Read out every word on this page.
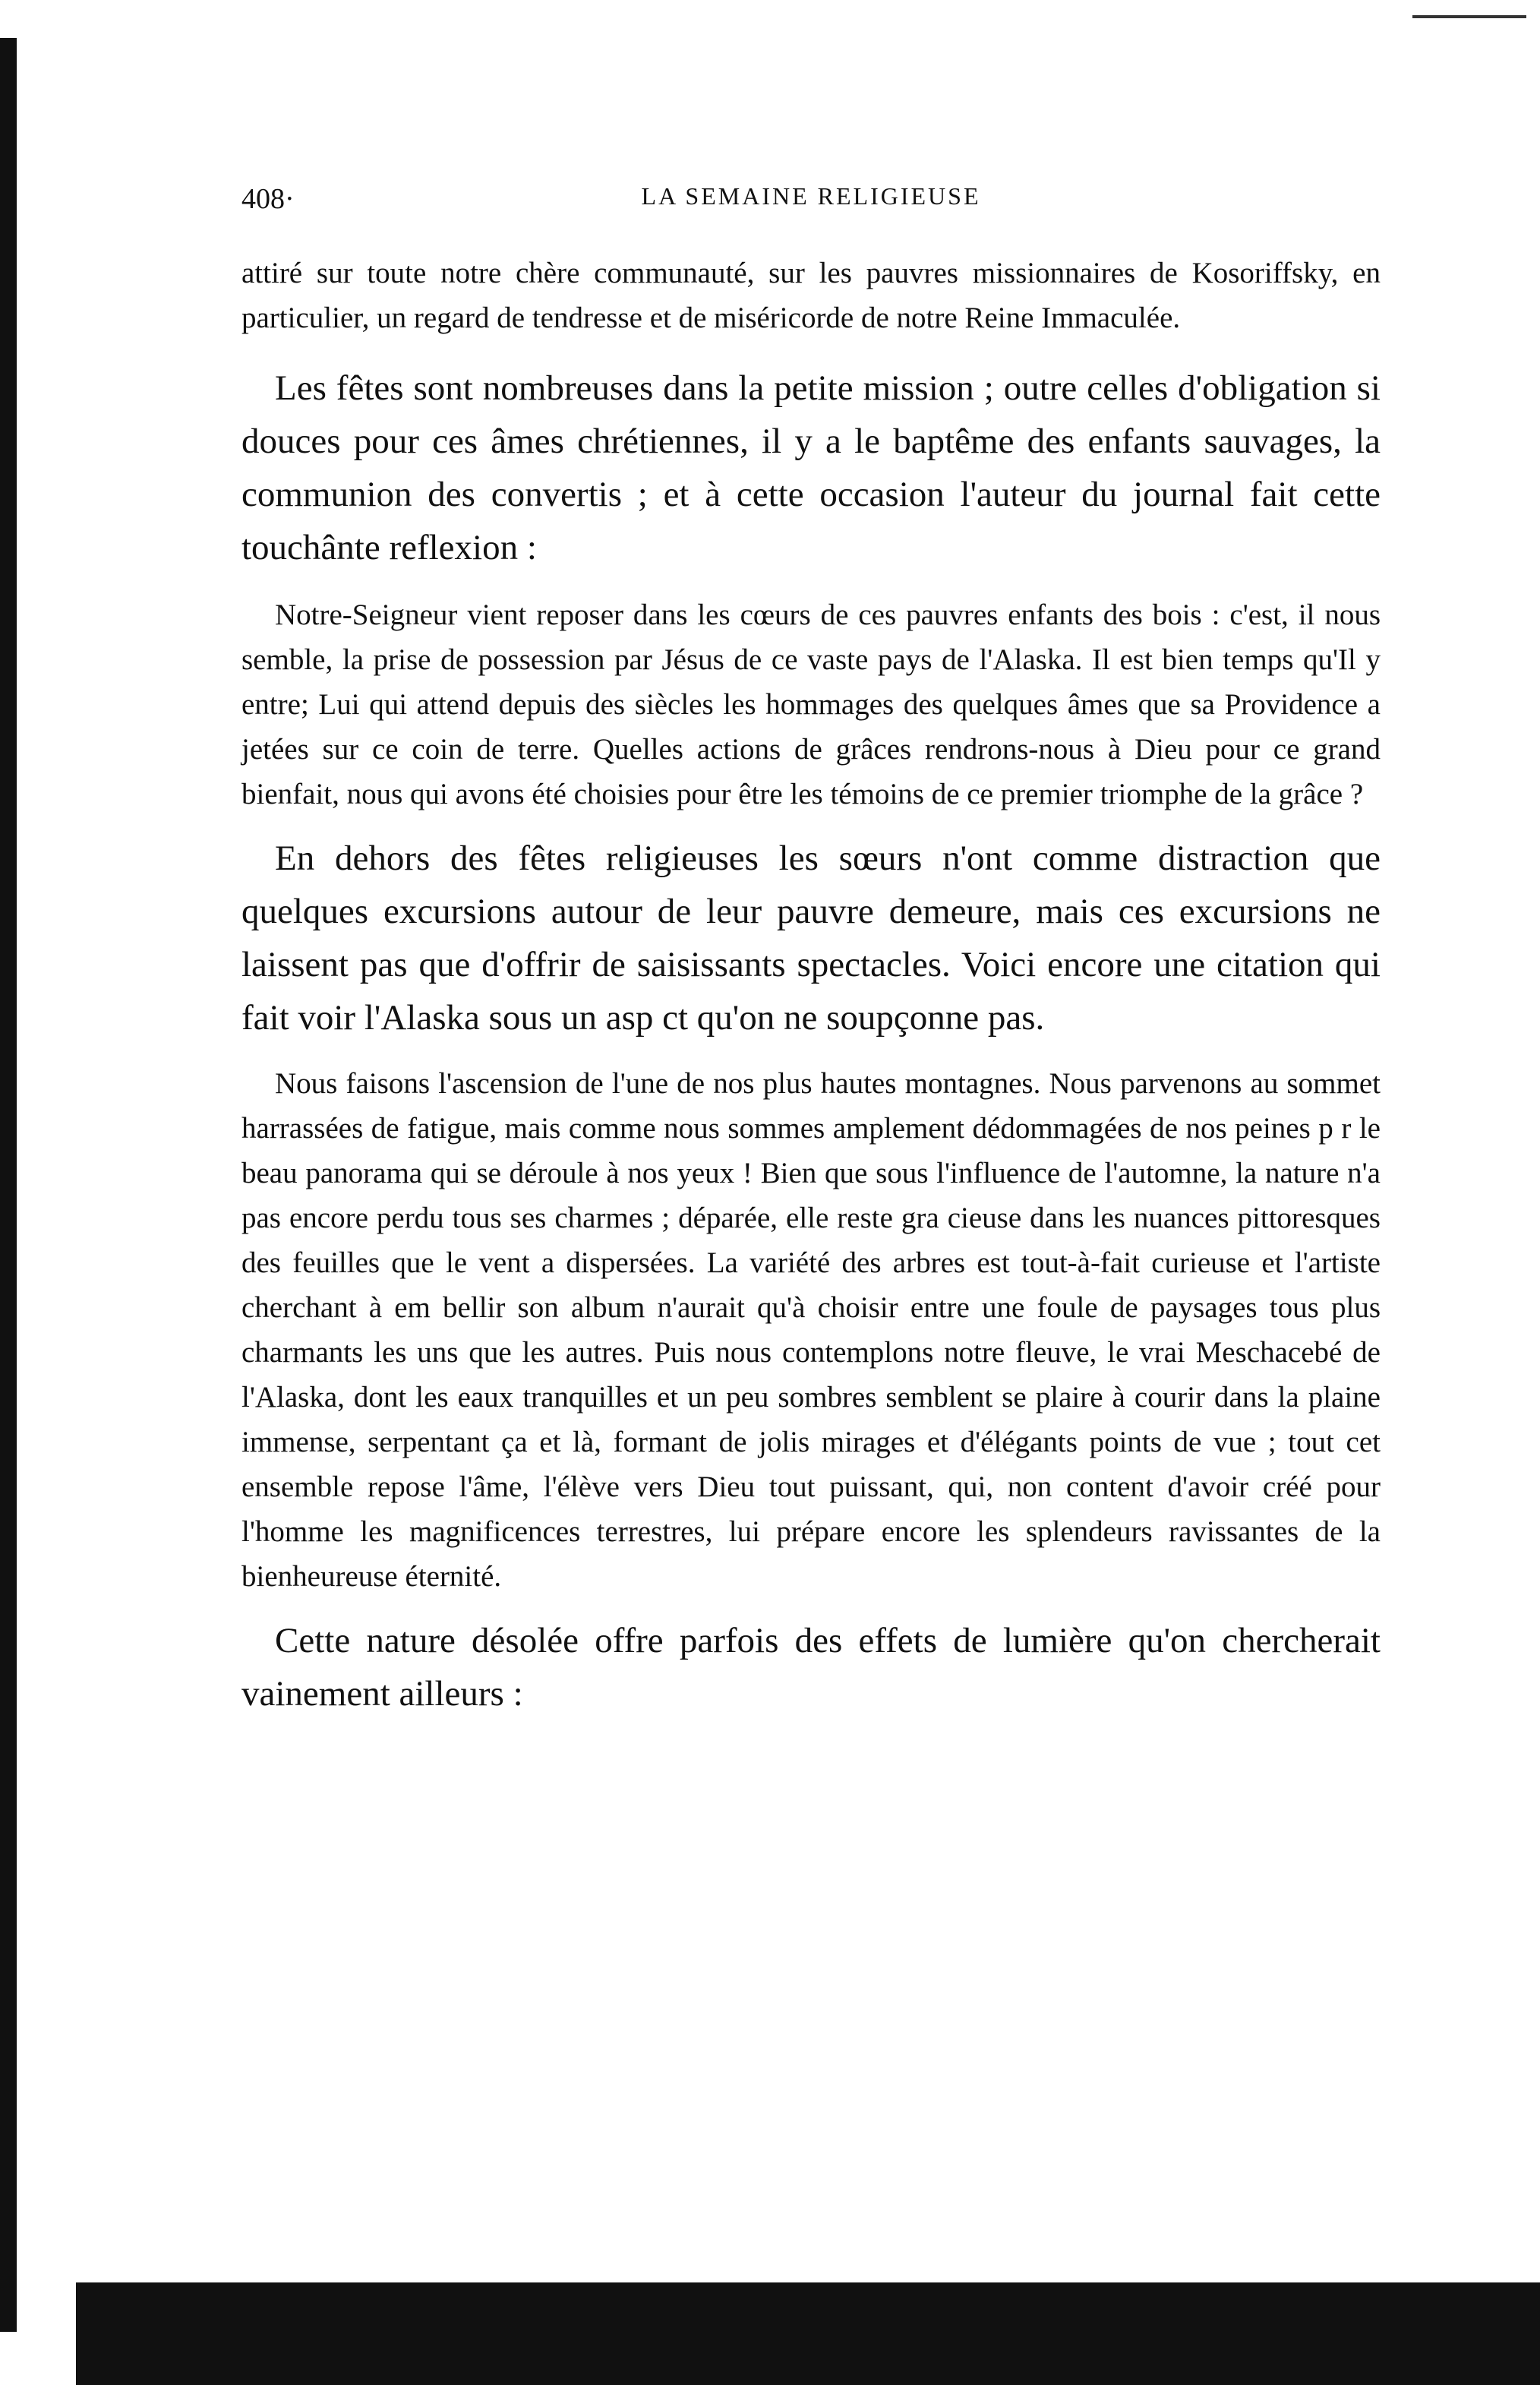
408·	LA SEMAINE RELIGIEUSE

attiré sur toute notre chère communauté, sur les pauvres missionnaires de Kosoriffsky, en particulier, un regard de tendresse et de miséricorde de notre Reine Immaculée.

Les fêtes sont nombreuses dans la petite mission ; outre celles d'obligation si douces pour ces âmes chrétiennes, il y a le baptême des enfants sauvages, la communion des convertis ; et à cette occasion l'auteur du journal fait cette touchânte reflexion :

Notre-Seigneur vient reposer dans les cœurs de ces pauvres enfants des bois : c'est, il nous semble, la prise de possession par Jésus de ce vaste pays de l'Alaska. Il est bien temps qu'Il y entre; Lui qui attend depuis des siècles les hommages des quelques âmes que sa Providence a jetées sur ce coin de terre. Quelles actions de grâces rendrons-nous à Dieu pour ce grand bienfait, nous qui avons été choisies pour être les témoins de ce premier triomphe de la grâce ?

En dehors des fêtes religieuses les sœurs n'ont comme distraction que quelques excursions autour de leur pauvre demeure, mais ces excursions ne laissent pas que d'offrir de saisissants spectacles. Voici encore une citation qui fait voir l'Alaska sous un asp ct qu'on ne soupçonne pas.

Nous faisons l'ascension de l'une de nos plus hautes montagnes. Nous parvenons au sommet harrassées de fatigue, mais comme nous sommes amplement dédommagées de nos peines p r le beau panorama qui se déroule à nos yeux ! Bien que sous l'influence de l'automne, la nature n'a pas encore perdu tous ses charmes ; déparée, elle reste gra cieuse dans les nuances pittoresques des feuilles que le vent a dispersées. La variété des arbres est tout-à-fait curieuse et l'artiste cherchant à em bellir son album n'aurait qu'à choisir entre une foule de paysages tous plus charmants les uns que les autres. Puis nous contemplons notre fleuve, le vrai Meschacebé de l'Alaska, dont les eaux tranquilles et un peu sombres semblent se plaire à courir dans la plaine immense, serpentant ça et là, formant de jolis mirages et d'élégants points de vue ; tout cet ensemble repose l'âme, l'élève vers Dieu tout puissant, qui, non content d'avoir créé pour l'homme les magnificences terrestres, lui prépare encore les splendeurs ravissantes de la bienheureuse éternité.

Cette nature désolée offre parfois des effets de lumière qu'on chercherait vainement ailleurs :
